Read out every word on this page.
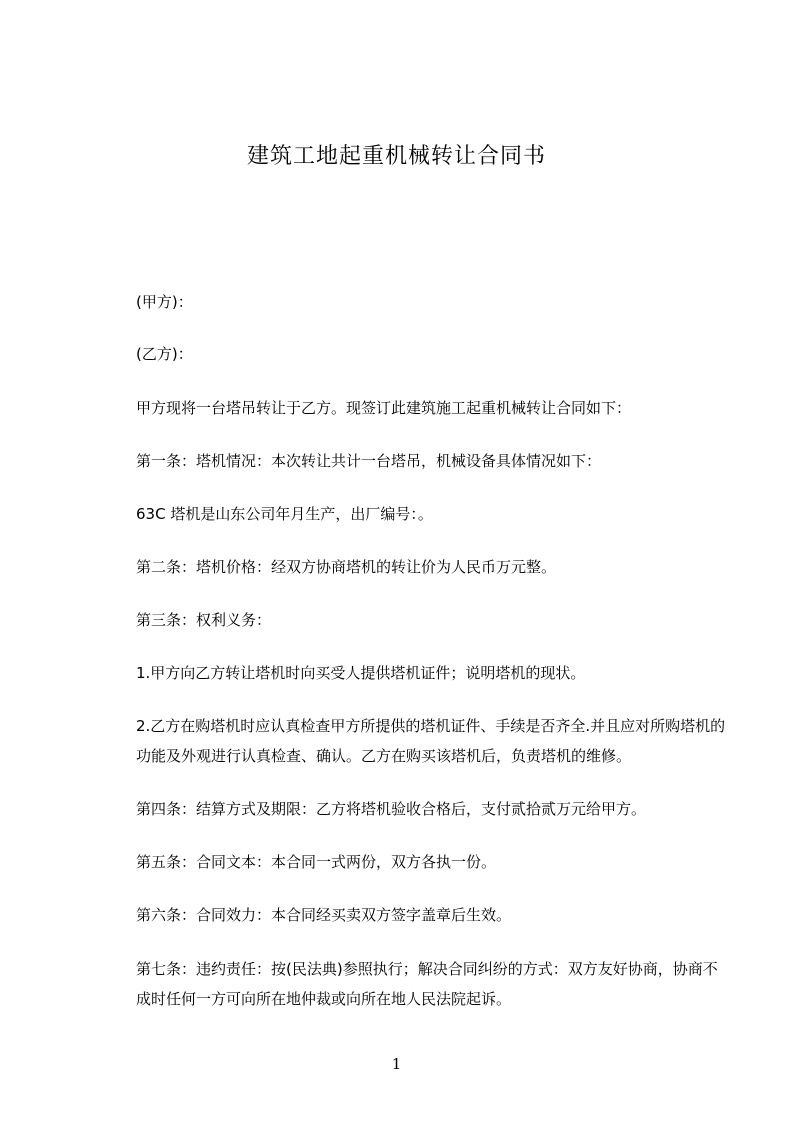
建筑工地起重机械转让合同书
(甲方)：
(乙方)：
甲方现将一台塔吊转让于乙方。现签订此建筑施工起重机械转让合同如下：
第一条：塔机情况：本次转让共计一台塔吊，机械设备具体情况如下：
63C 塔机是山东公司年月生产，出厂编号：。
第二条：塔机价格：经双方协商塔机的转让价为人民币万元整。
第三条：权利义务：
1.甲方向乙方转让塔机时向买受人提供塔机证件；说明塔机的现状。
2.乙方在购塔机时应认真检查甲方所提供的塔机证件、手续是否齐全.并且应对所购塔机的功能及外观进行认真检查、确认。乙方在购买该塔机后，负责塔机的维修。
第四条：结算方式及期限：乙方将塔机验收合格后，支付贰拾贰万元给甲方。
第五条：合同文本：本合同一式两份，双方各执一份。
第六条：合同效力：本合同经买卖双方签字盖章后生效。
第七条：违约责任：按(民法典)参照执行；解决合同纠纷的方式：双方友好协商，协商不成时任何一方可向所在地仲裁或向所在地人民法院起诉。
1
